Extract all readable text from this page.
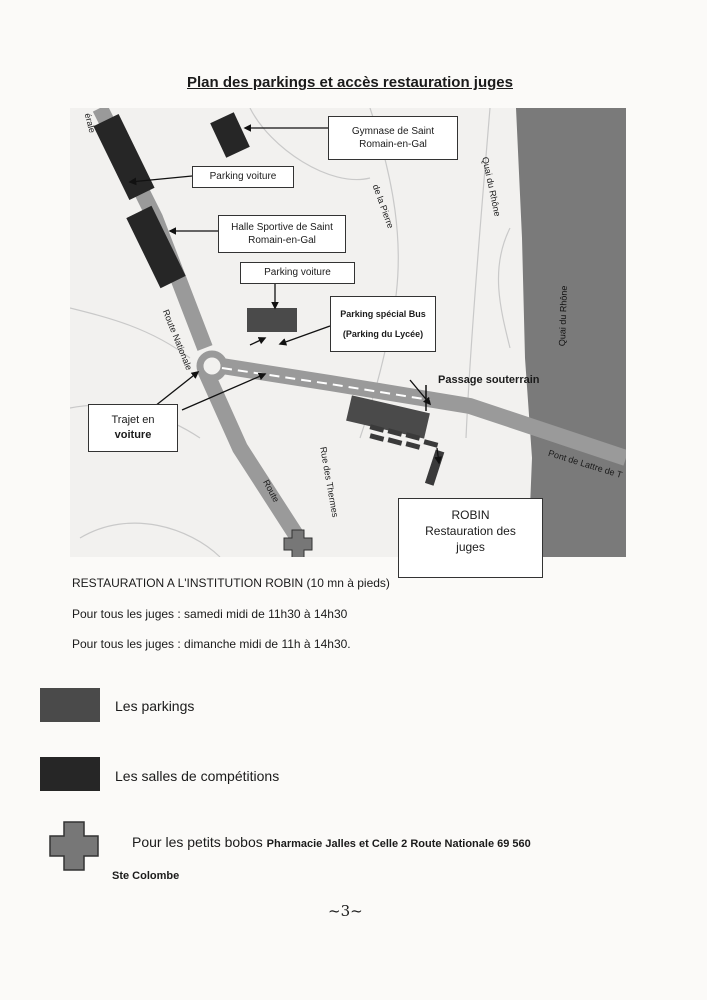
Plan des parkings et accès restauration juges
Gymnase de Saint Romain-en-Gal
Parking voiture
Halle Sportive de Saint Romain-en-Gal
Parking voiture
Parking spécial Bus
(Parking du Lycée)
Passage souterrain
Trajet en
voiture
érale
Quai du Rhône
de la Pierre
Route Nationale
Route	Rue des Thermes
Quai du Rhône
Pont de Lattre de T
ROBIN
Restauration des
juges
RESTAURATION A L'INSTITUTION ROBIN (10 mn à pieds)
Pour tous les juges : samedi midi de 11h30 à 14h30
Pour tous les juges : dimanche midi de 11h à 14h30.
Les parkings
Les salles de compétitions
Pour les petits bobos Pharmacie Jalles et Celle 2 Route Nationale 69 560
Ste Colombe
~3~
